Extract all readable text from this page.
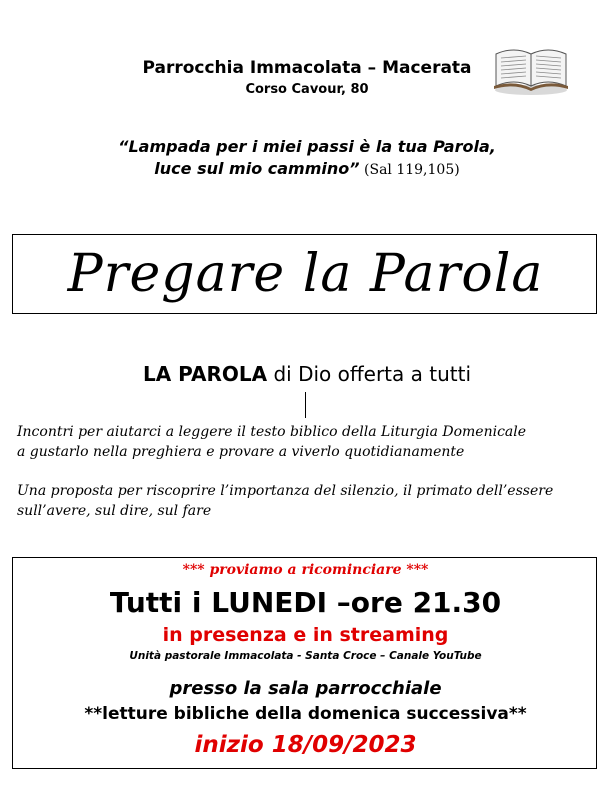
Parrocchia Immacolata – Macerata
Corso Cavour, 80
“Lampada per i miei passi è la tua Parola,
luce sul mio cammino” (Sal 119,105)
Pregare la Parola
LA PAROLA di Dio offerta a tutti
Incontri per aiutarci a leggere il testo biblico della Liturgia Domenicale
a gustarlo nella preghiera e provare a viverlo quotidianamente
Una proposta per riscoprire l’importanza del silenzio, il primato dell’essere
sull’avere, sul dire, sul fare
*** proviamo a ricominciare ***
Tutti i LUNEDI –ore 21.30
in presenza e in streaming
Unità pastorale Immacolata - Santa Croce – Canale YouTube
presso la sala parrocchiale
**letture bibliche della domenica successiva**
inizio 18/09/2023
